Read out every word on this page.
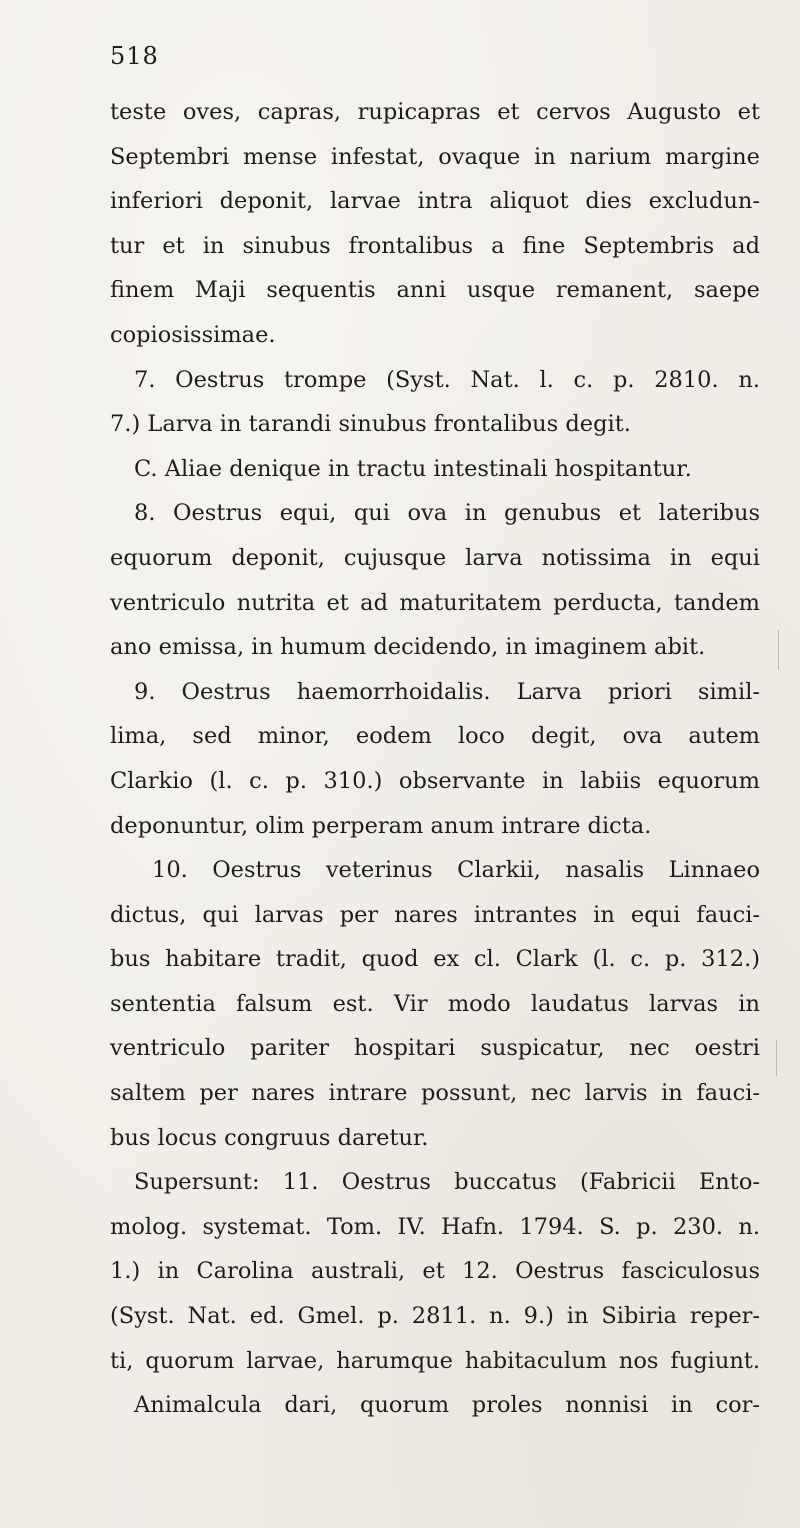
518
teste oves, capras, rupicapras et cervos Augusto et
Septembri mense infestat, ovaque in narium margine
inferiori deponit, larvae intra aliquot dies excludun-
tur et in sinubus frontalibus a fine Septembris ad
finem Maji sequentis anni usque remanent, saepe
copiosissimae.
7. Oestrus trompe (Syst. Nat. l. c. p. 2810. n.
7.) Larva in tarandi sinubus frontalibus degit.
C. Aliae denique in tractu intestinali hospitantur.
8. Oestrus equi, qui ova in genubus et lateribus
equorum deponit, cujusque larva notissima in equi
ventriculo nutrita et ad maturitatem perducta, tandem
ano emissa, in humum decidendo, in imaginem abit.
9. Oestrus haemorrhoidalis. Larva priori simil-
lima, sed minor, eodem loco degit, ova autem
Clarkio (l. c. p. 310.) observante in labiis equorum
deponuntur, olim perperam anum intrare dicta.
10. Oestrus veterinus Clarkii, nasalis Linnaeo
dictus, qui larvas per nares intrantes in equi fauci-
bus habitare tradit, quod ex cl. Clark (l. c. p. 312.)
sententia falsum est. Vir modo laudatus larvas in
ventriculo pariter hospitari suspicatur, nec oestri
saltem per nares intrare possunt, nec larvis in fauci-
bus locus congruus daretur.
Supersunt: 11. Oestrus buccatus (Fabricii Ento-
molog. systemat. Tom. IV. Hafn. 1794. S. p. 230. n.
1.) in Carolina australi, et 12. Oestrus fasciculosus
(Syst. Nat. ed. Gmel. p. 2811. n. 9.) in Sibiria reper-
ti, quorum larvae, harumque habitaculum nos fugiunt.
Animalcula dari, quorum proles nonnisi in cor-
